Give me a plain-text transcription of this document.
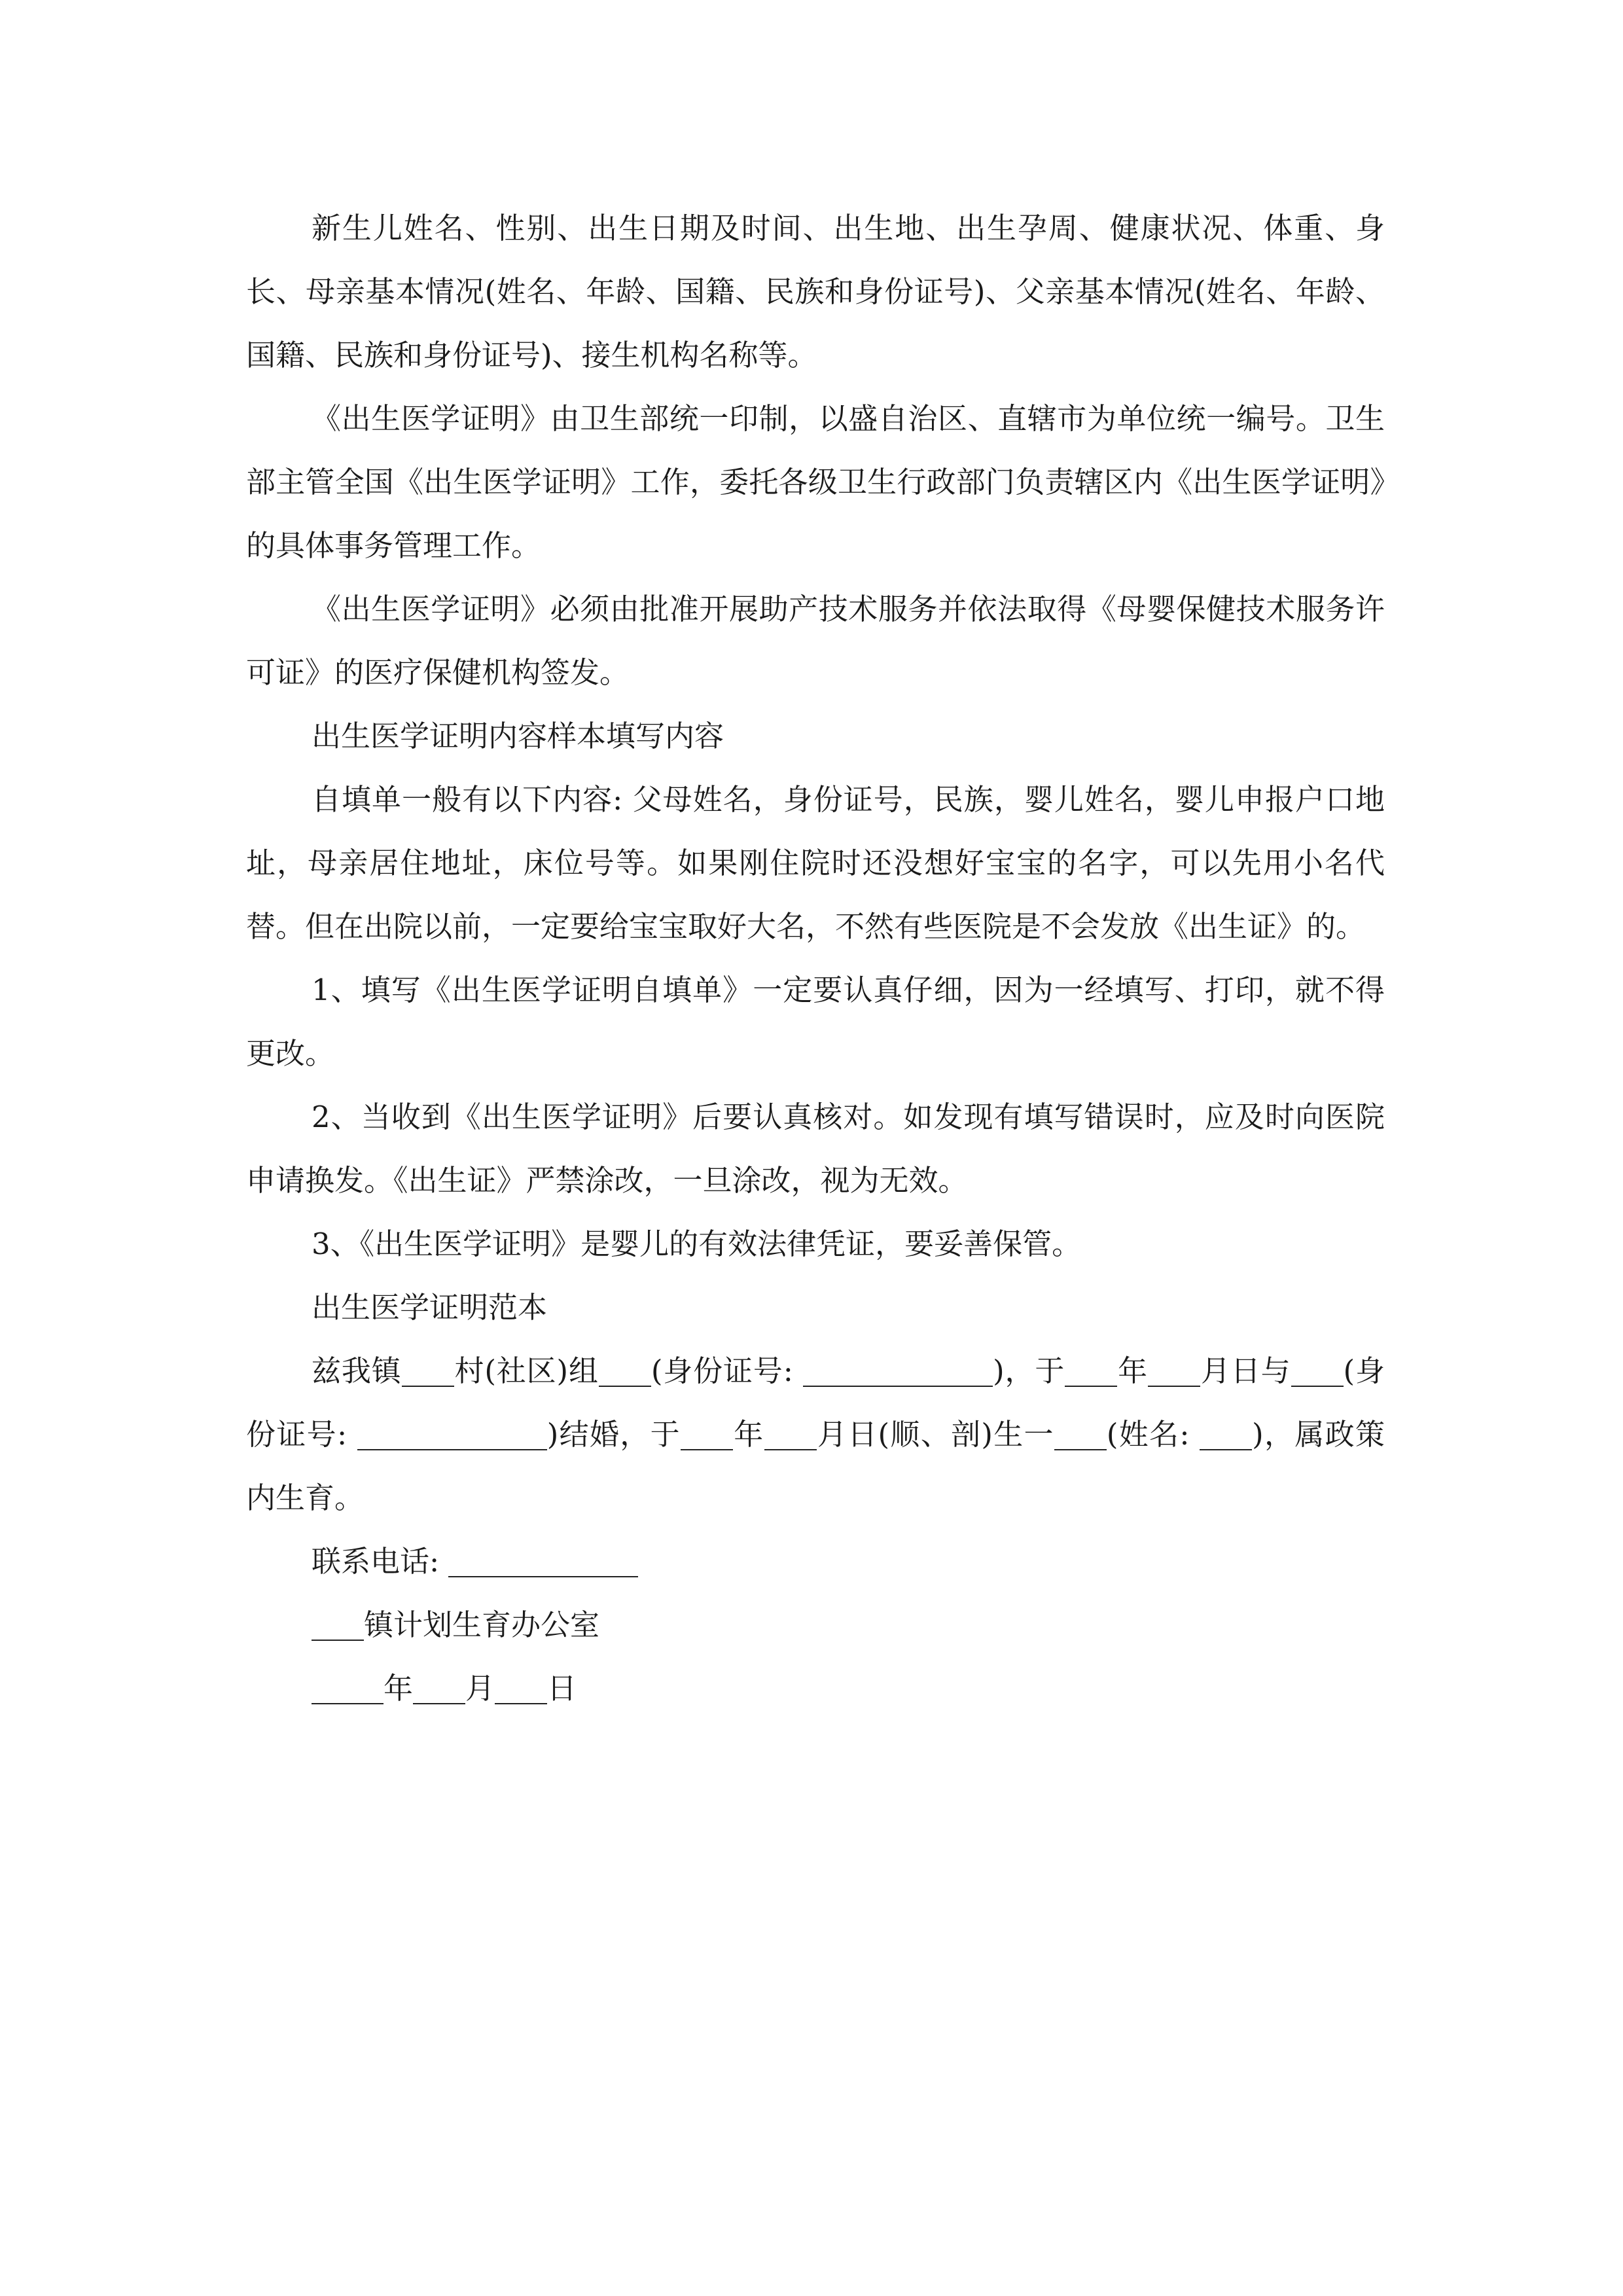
新生儿姓名、性别、出生日期及时间、出生地、出生孕周、健康状况、体重、身长、母亲基本情况(姓名、年龄、国籍、民族和身份证号)、父亲基本情况(姓名、年龄、国籍、民族和身份证号)、接生机构名称等。

《出生医学证明》由卫生部统一印制，以盛自治区、直辖市为单位统一编号。卫生部主管全国《出生医学证明》工作，委托各级卫生行政部门负责辖区内《出生医学证明》的具体事务管理工作。

《出生医学证明》必须由批准开展助产技术服务并依法取得《母婴保健技术服务许可证》的医疗保健机构签发。

出生医学证明内容样本填写内容

自填单一般有以下内容: 父母姓名，身份证号，民族，婴儿姓名，婴儿申报户口地址，母亲居住地址，床位号等。如果刚住院时还没想好宝宝的名字，可以先用小名代替。但在出院以前，一定要给宝宝取好大名，不然有些医院是不会发放《出生证》的。

1、填写《出生医学证明自填单》一定要认真仔细，因为一经填写、打印，就不得更改。

2、当收到《出生医学证明》后要认真核对。如发现有填写错误时，应及时向医院申请换发。《出生证》严禁涂改，一旦涂改，视为无效。

3、《出生医学证明》是婴儿的有效法律凭证，要妥善保管。

出生医学证明范本

兹我镇 村(社区)组 (身份证号:	)，于 年 月日与 (身份证号:	)结婚，于 年 月日(顺、剖)生一 (姓名: )，属政策内生育。

联系电话:

镇计划生育办公室

年 月 日
